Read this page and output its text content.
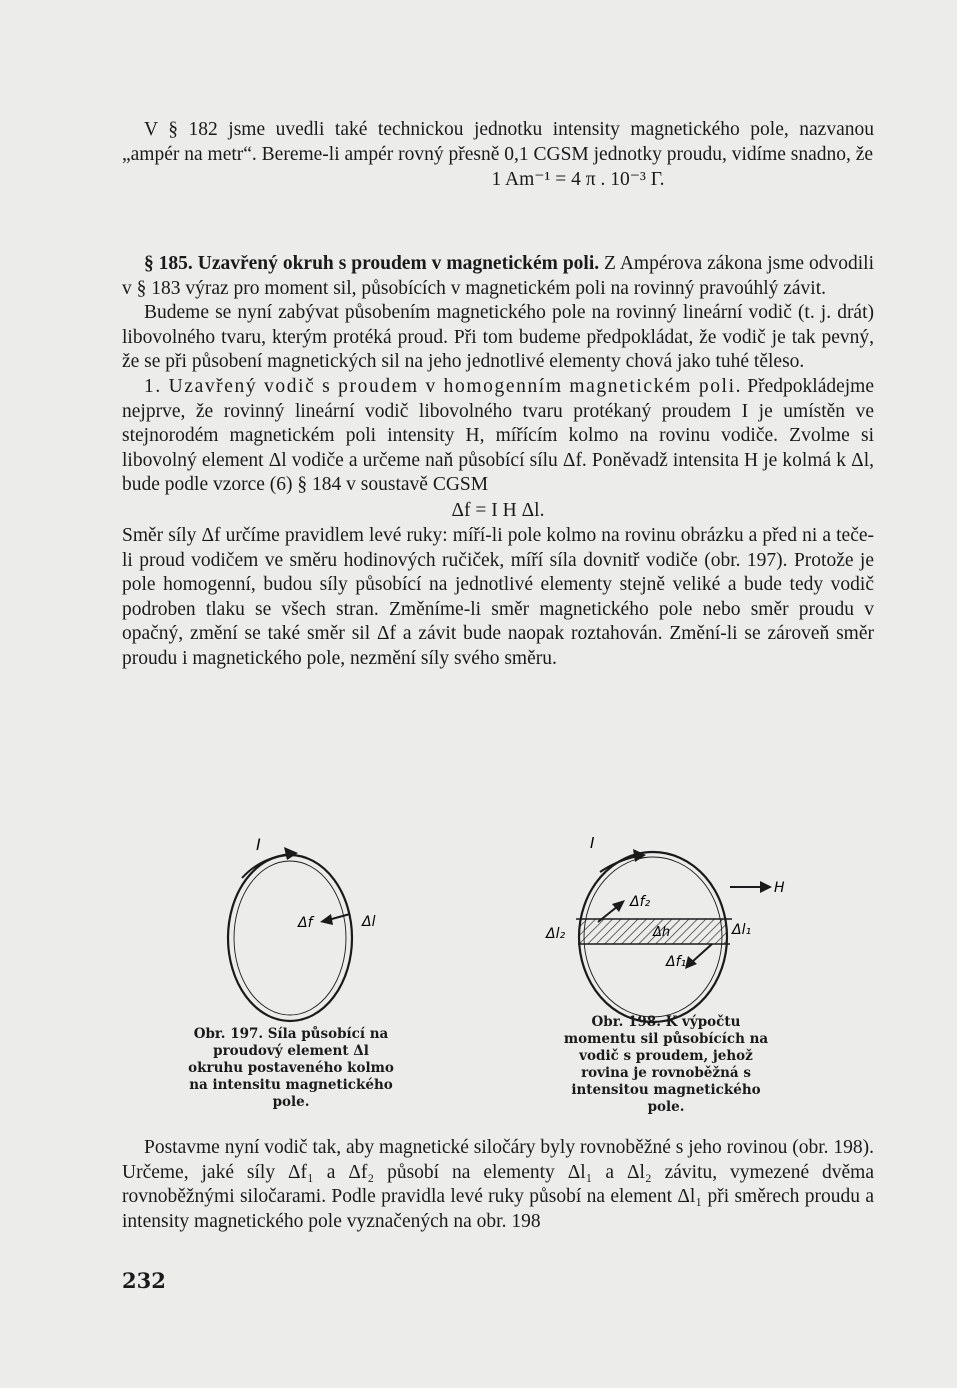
V § 182 jsme uvedli také technickou jednotku intensity magnetického pole, nazvanou „ampér na metr“. Bereme-li ampér rovný přesně 0,1 CGSM jednotky proudu, vidíme snadno, že

1 Am⁻¹ = 4 π . 10⁻³ Γ.

§ 185. Uzavřený okruh s proudem v magnetickém poli. Z Ampérova zákona jsme odvodili v § 183 výraz pro moment sil, působících v magnetickém poli na rovinný pravoúhlý závit.

Budeme se nyní zabývat působením magnetického pole na rovinný lineární vodič (t. j. drát) libovolného tvaru, kterým protéká proud. Při tom budeme předpokládat, že vodič je tak pevný, že se při působení magnetických sil na jeho jednotlivé elementy chová jako tuhé těleso.

1. Uzavřený vodič s proudem v homogenním magnetickém poli. Předpokládejme nejprve, že rovinný lineární vodič libovolného tvaru protékaný proudem I je umístěn ve stejnorodém magnetickém poli intensity H, mířícím kolmo na rovinu vodiče. Zvolme si libovolný element Δl vodiče a určeme naň působící sílu Δf. Poněvadž intensita H je kolmá k Δl, bude podle vzorce (6) § 184 v soustavě CGSM

Δf = I H Δl.

Směr síly Δf určíme pravidlem levé ruky: míří-li pole kolmo na rovinu obrázku a před ni a teče-li proud vodičem ve směru hodinových ručiček, míří síla dovnitř vodiče (obr. 197). Protože je pole homogenní, budou síly působící na jednotlivé elementy stejně veliké a bude tedy vodič podroben tlaku se všech stran. Změníme-li směr magnetického pole nebo směr proudu v opačný, změní se také směr sil Δf a závit bude naopak roztahován. Změní-li se zároveň směr proudu i magnetického pole, nezmění síly svého směru.

I
Δf	Δl
Obr. 197. Síla působící na proudový element Δl okruhu postaveného kolmo na intensitu magnetického pole.
I
H
Δf₂
Δl₂	Δh	Δl₁
Δf₁
Obr. 198. K výpočtu momentu sil působících na vodič s proudem, jehož rovina je rovnoběžná s intensitou magnetického pole.

Postavme nyní vodič tak, aby magnetické siločáry byly rovnoběžné s jeho rovinou (obr. 198). Určeme, jaké síly Δf₁ a Δf₂ působí na elementy Δl₁ a Δl₂ závitu, vymezené dvěma rovnoběžnými siločarami. Podle pravidla levé ruky působí na element Δl₁ při směrech proudu a intensity magnetického pole vyznačených na obr. 198

232
